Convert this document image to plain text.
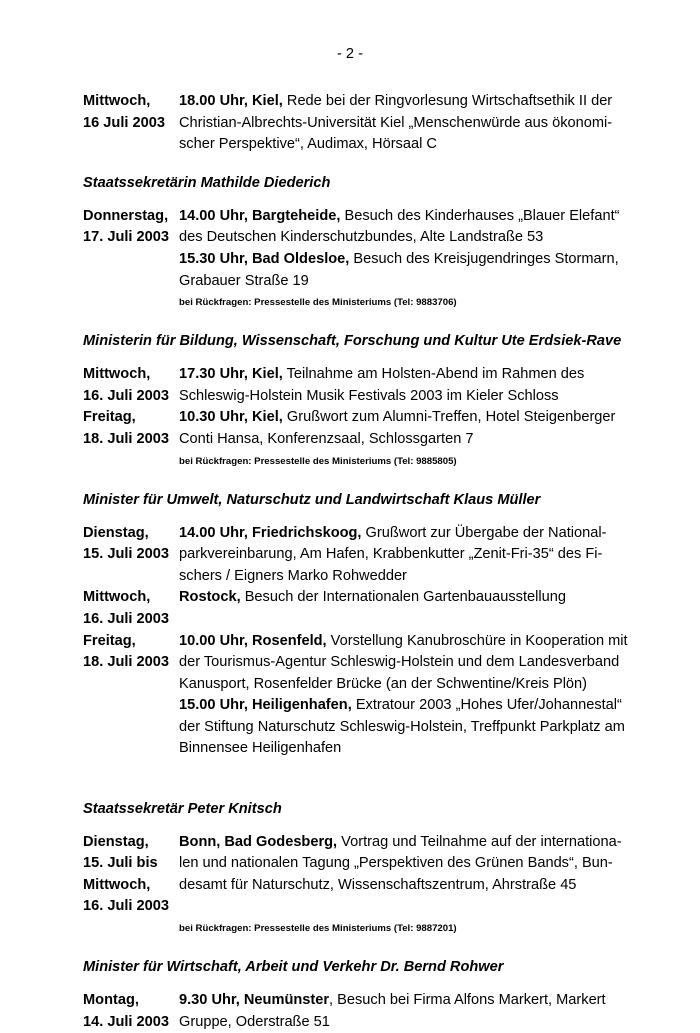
- 2 -
Mittwoch,
16 Juli 2003
18.00 Uhr, Kiel, Rede bei der Ringvorlesung Wirtschaftsethik II der
Christian-Albrechts-Universität Kiel „Menschenwürde aus ökonomi-
scher Perspektive“, Audimax, Hörsaal C
Staatssekretärin Mathilde Diederich
Donnerstag,
17. Juli 2003
14.00 Uhr, Bargteheide, Besuch des Kinderhauses „Blauer Elefant“
des Deutschen Kinderschutzbundes, Alte Landstraße 53
15.30 Uhr, Bad Oldesloe, Besuch des Kreisjugendringes Stormarn,
Grabauer Straße 19
bei Rückfragen: Pressestelle des Ministeriums (Tel: 9883706)
Ministerin für Bildung, Wissenschaft, Forschung und Kultur Ute Erdsiek-Rave
Mittwoch,
16. Juli 2003
17.30 Uhr, Kiel, Teilnahme am Holsten-Abend im Rahmen des
Schleswig-Holstein Musik Festivals 2003 im Kieler Schloss
Freitag,
18. Juli 2003
10.30 Uhr, Kiel, Grußwort zum Alumni-Treffen, Hotel Steigenberger
Conti Hansa, Konferenzsaal, Schlossgarten 7
bei Rückfragen: Pressestelle des Ministeriums (Tel: 9885805)
Minister für Umwelt, Naturschutz und Landwirtschaft Klaus Müller
Dienstag,
15. Juli 2003
14.00 Uhr, Friedrichskoog, Grußwort zur Übergabe der National-
parkvereinbarung, Am Hafen, Krabbenkutter „Zenit-Fri-35“ des Fi-
schers / Eigners Marko Rohwedder
Mittwoch,
16. Juli 2003
Rostock, Besuch der Internationalen Gartenbauausstellung
Freitag,
18. Juli 2003
10.00 Uhr, Rosenfeld, Vorstellung Kanubroschüre in Kooperation mit
der Tourismus-Agentur Schleswig-Holstein und dem Landesverband
Kanusport, Rosenfelder Brücke (an der Schwentine/Kreis Plön)
15.00 Uhr, Heiligenhafen, Extratour 2003 „Hohes Ufer/Johannestal“
der Stiftung Naturschutz Schleswig-Holstein, Treffpunkt Parkplatz am
Binnensee Heiligenhafen
Staatssekretär Peter Knitsch
Dienstag,
15. Juli bis
Mittwoch,
16. Juli 2003
Bonn, Bad Godesberg, Vortrag und Teilnahme auf der internationa-
len und nationalen Tagung „Perspektiven des Grünen Bands“, Bun-
desamt für Naturschutz, Wissenschaftszentrum, Ahrstraße 45
bei Rückfragen: Pressestelle des Ministeriums (Tel: 9887201)
Minister für Wirtschaft, Arbeit und Verkehr Dr. Bernd Rohwer
Montag,
14. Juli 2003
9.30 Uhr, Neumünster, Besuch bei Firma Alfons Markert, Markert
Gruppe, Oderstraße 51
